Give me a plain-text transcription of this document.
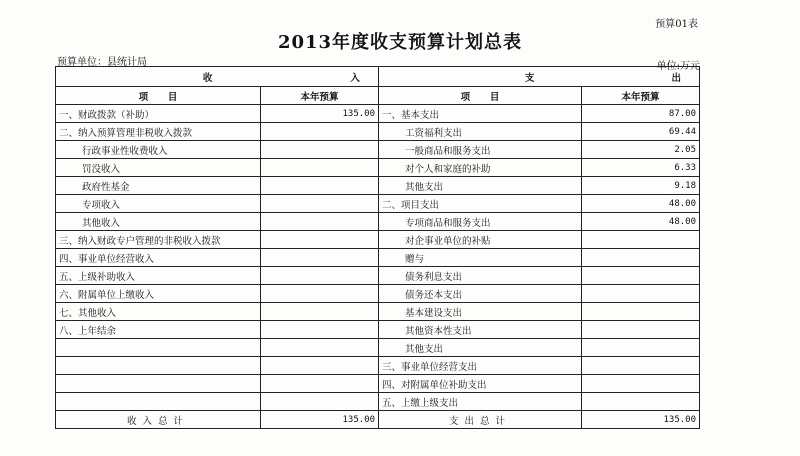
预算01表
2013年度收支预算计划总表
预算单位：县统计局	单位:万元
收 入		支 出	
项      目	本年预算	项      目	本年预算
一、财政拨款（补助）	135.00	一、基本支出	87.00
二、纳入预算管理非税收入拨款		工资福利支出	69.44
行政事业性收费收入		一般商品和服务支出	2.05
罚没收入		对个人和家庭的补助	6.33
政府性基金		其他支出	9.18
专项收入		二、项目支出	48.00
其他收入		专项商品和服务支出	48.00
三、纳入财政专户管理的非税收入拨款		对企事业单位的补贴	
四、事业单位经营收入		赠与	
五、上级补助收入		债务利息支出	
六、附属单位上缴收入		债务还本支出	
七、其他收入		基本建设支出	
八、上年结余		其他资本性支出	
		其他支出	
		三、事业单位经营支出	
		四、对附属单位补助支出	
		五、上缴上级支出	
收入总计	135.00	支出总计	135.00
